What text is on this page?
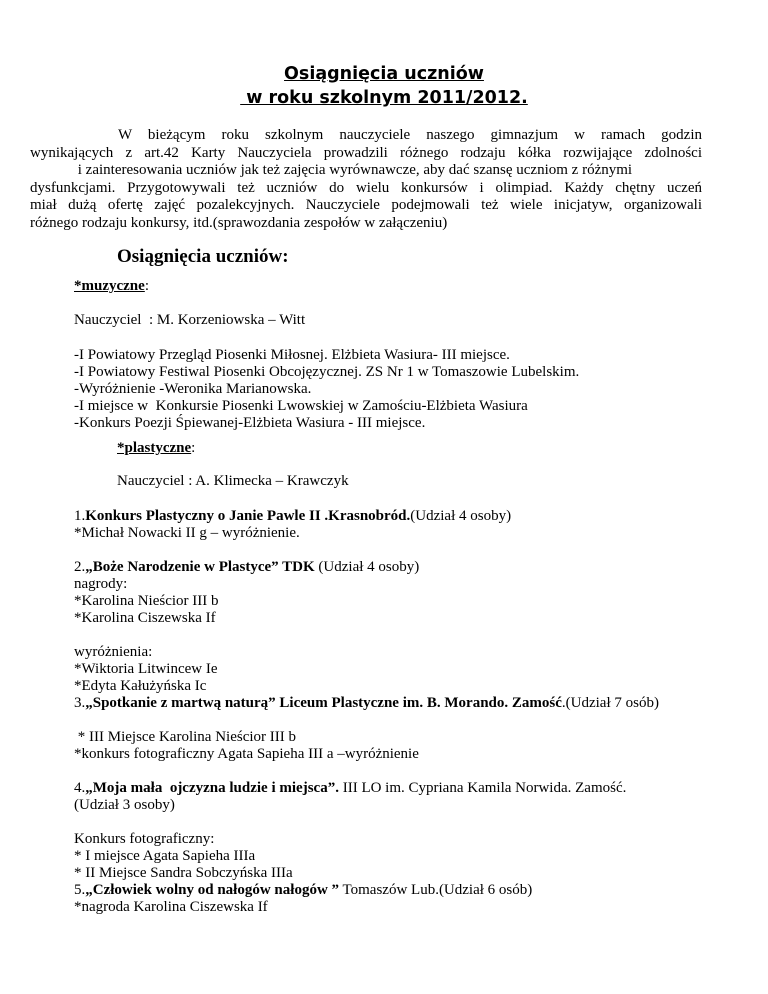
Osiągnięcia uczniów
w roku szkolnym 2011/2012.

W bieżącym roku szkolnym nauczyciele naszego gimnazjum w ramach godzin

wynikających z art.42 Karty Nauczyciela prowadzili różnego rodzaju kółka rozwijające zdolności

i zainteresowania uczniów jak też zajęcia wyrównawcze, aby dać szansę uczniom z różnymi

dysfunkcjami. Przygotowywali też uczniów do wielu konkursów i olimpiad. Każdy chętny uczeń

miał dużą ofertę zajęć pozalekcyjnych. Nauczyciele podejmowali też wiele inicjatyw, organizowali

różnego rodzaju konkursy, itd.(sprawozdania zespołów w załączeniu)

Osiągnięcia uczniów:
*muzyczne:
Nauczyciel  : M. Korzeniowska – Witt
-I Powiatowy Przegląd Piosenki Miłosnej. Elżbieta Wasiura- III miejsce.
-I Powiatowy Festiwal Piosenki Obcojęzycznej. ZS Nr 1 w Tomaszowie Lubelskim.
-Wyróżnienie -Weronika Marianowska.
-I miejsce w  Konkursie Piosenki Lwowskiej w Zamościu-Elżbieta Wasiura
-Konkurs Poezji Śpiewanej-Elżbieta Wasiura - III miejsce.
*plastyczne:
Nauczyciel : A. Klimecka – Krawczyk
1.Konkurs Plastyczny o Janie Pawle II .Krasnobród.(Udział 4 osoby)
*Michał Nowacki II g – wyróżnienie.
2.„Boże Narodzenie w Plastyce” TDK (Udział 4 osoby)
nagrody:
*Karolina Nieścior III b
*Karolina Ciszewska If
wyróżnienia:
*Wiktoria Litwincew Ie
*Edyta Kałużyńska Ic
3.„Spotkanie z martwą naturą” Liceum Plastyczne im. B. Morando. Zamość.(Udział 7 osób)
* III Miejsce Karolina Nieścior III b
*konkurs fotograficzny Agata Sapieha III a –wyróżnienie
4.„Moja mała  ojczyzna ludzie i miejsca”. III LO im. Cypriana Kamila Norwida. Zamość.
(Udział 3 osoby)
Konkurs fotograficzny:
* I miejsce Agata Sapieha IIIa
* II Miejsce Sandra Sobczyńska IIIa
5.„Człowiek wolny od nałogów nałogów ” Tomaszów Lub.(Udział 6 osób)
*nagroda Karolina Ciszewska If
